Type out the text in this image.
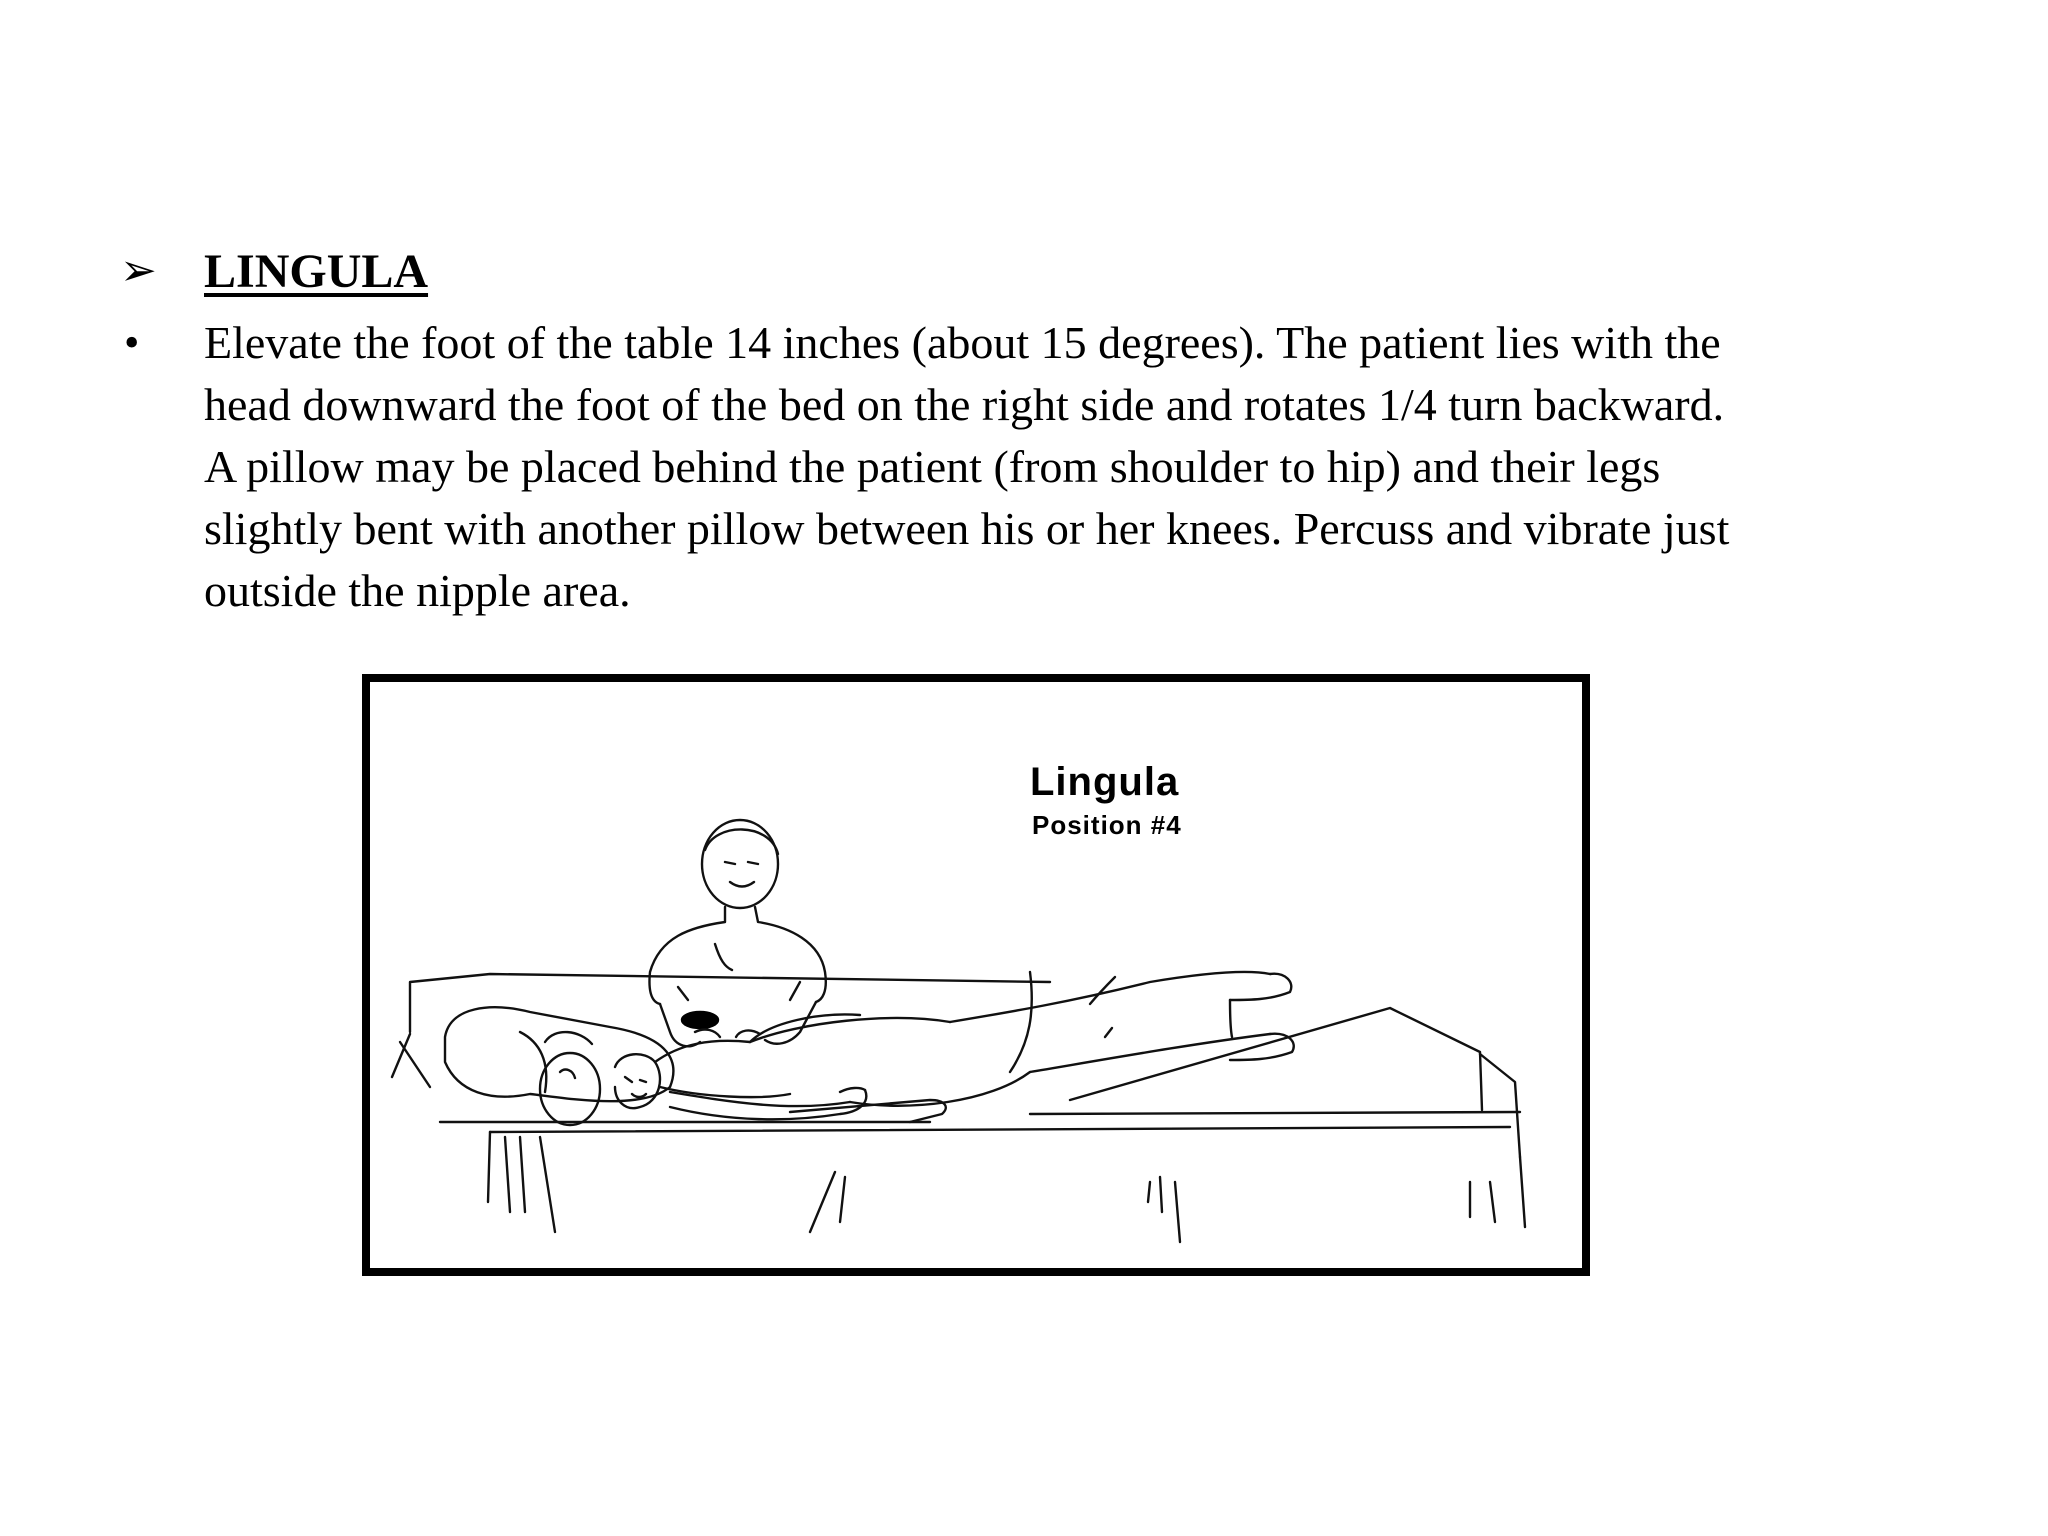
➢ LINGULA
•	Elevate the foot of the table 14 inches (about 15 degrees). The patient lies with the
head downward the foot of the bed on the right side and rotates 1/4 turn backward.
A pillow may be placed behind the patient (from shoulder to hip) and their legs
slightly bent with another pillow between his or her knees. Percuss and vibrate just
outside the nipple area.
Lingula
Position #4
